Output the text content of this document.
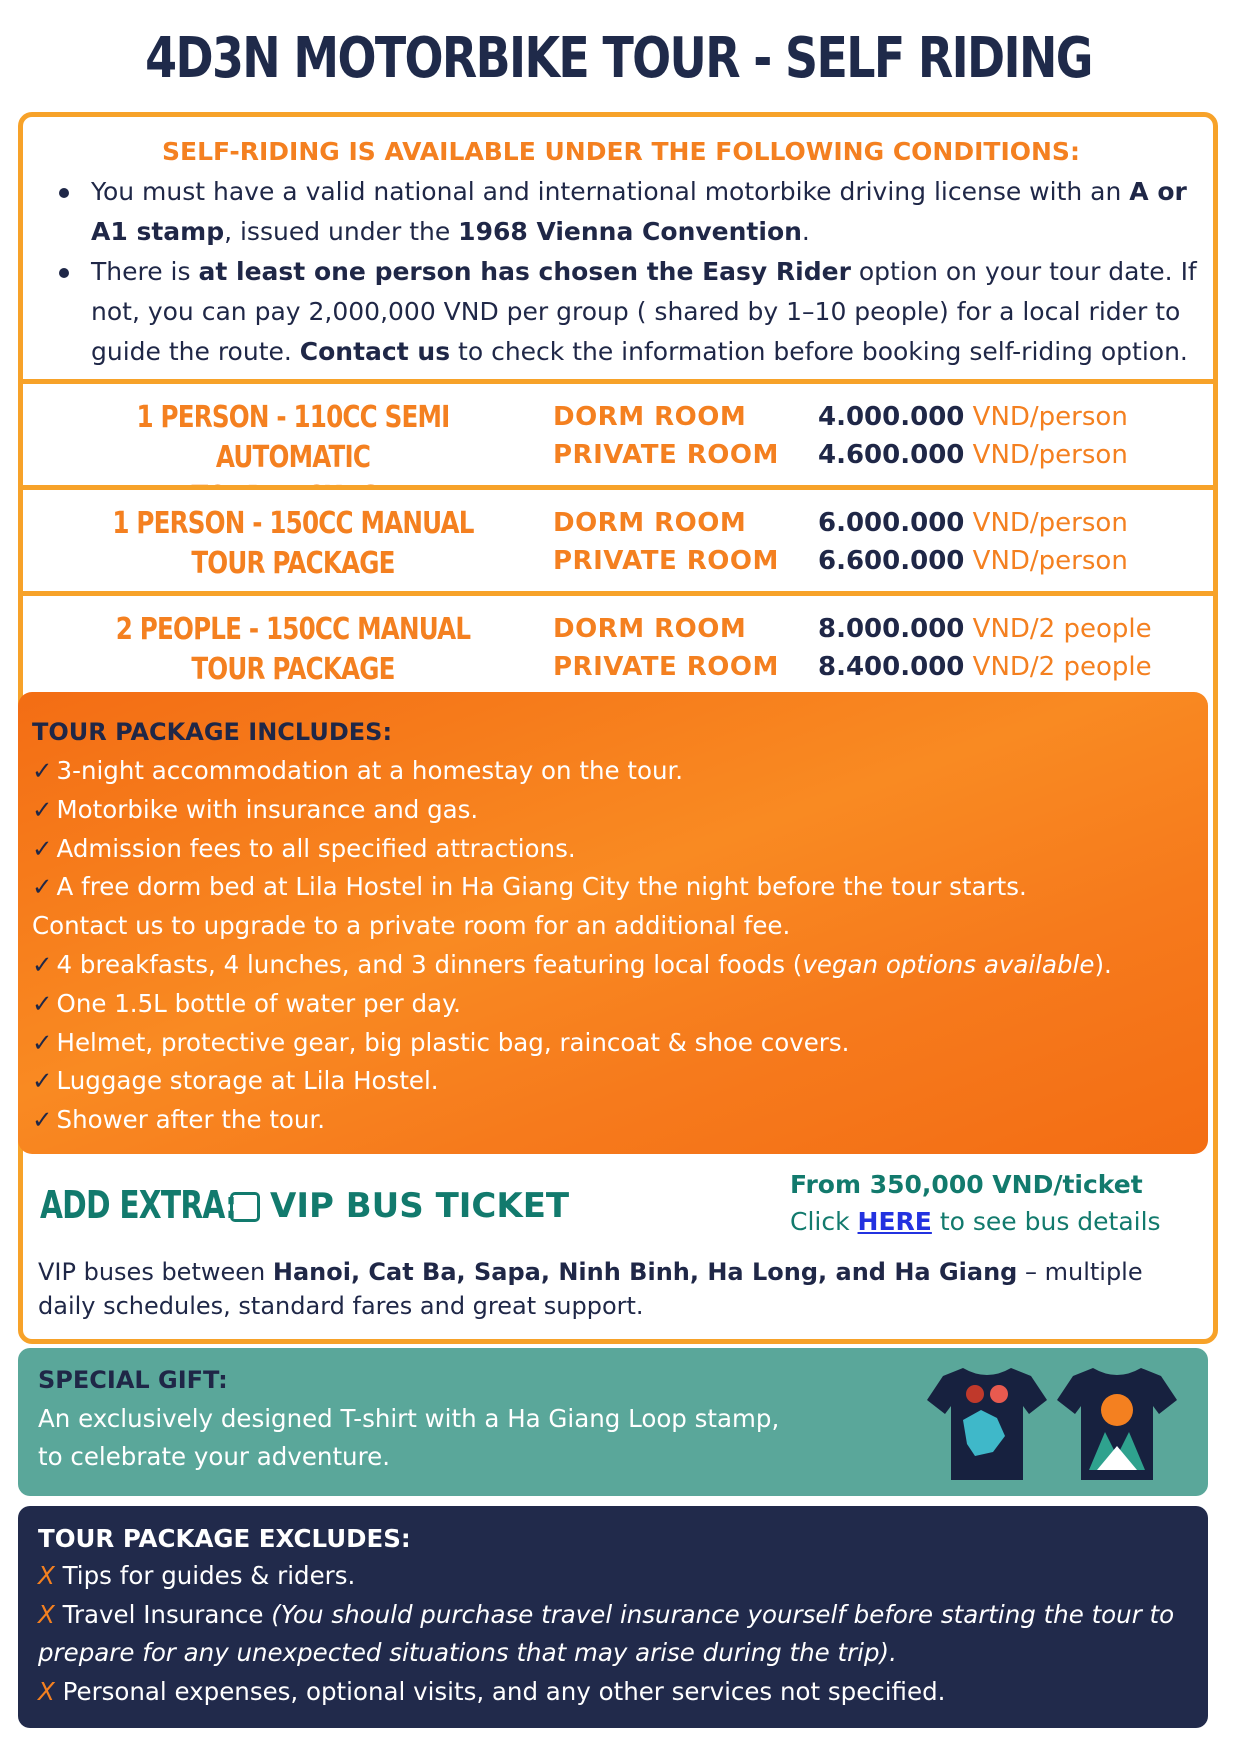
4D3N MOTORBIKE TOUR - SELF RIDING
SELF-RIDING IS AVAILABLE UNDER THE FOLLOWING CONDITIONS:
You must have a valid national and international motorbike driving license with an A or A1 stamp, issued under the 1968 Vienna Convention.
There is at least one person has chosen the Easy Rider option on your tour date. If not, you can pay 2,000,000 VND per group ( shared by 1–10 people) for a local rider to guide the route. Contact us to check the information before booking self-riding option.
1 PERSON - 110CC SEMI AUTOMATIC
DORM ROOM
PRIVATE ROOM
4.000.000 VND/person
4.600.000 VND/person
1 PERSON - 150CC MANUAL
TOUR PACKAGE
DORM ROOM
PRIVATE ROOM
6.000.000 VND/person
6.600.000 VND/person
2 PEOPLE - 150CC MANUAL
TOUR PACKAGE
DORM ROOM
PRIVATE ROOM
8.000.000 VND/2 people
8.400.000 VND/2 people
TOUR PACKAGE INCLUDES:
✓ 3-night accommodation at a homestay on the tour.
✓ Motorbike with insurance and gas.
✓ Admission fees to all specified attractions.
✓ A free dorm bed at Lila Hostel in Ha Giang City the night before the tour starts.
Contact us to upgrade to a private room for an additional fee.
✓ 4 breakfasts, 4 lunches, and 3 dinners featuring local foods (vegan options available).
✓ One 1.5L bottle of water per day.
✓ Helmet, protective gear, big plastic bag, raincoat & shoe covers.
✓ Luggage storage at Lila Hostel.
✓ Shower after the tour.
ADD EXTRA: VIP BUS TICKET
From 350,000 VND/ticket
Click HERE to see bus details
VIP buses between Hanoi, Cat Ba, Sapa, Ninh Binh, Ha Long, and Ha Giang – multiple daily schedules, standard fares and great support.
SPECIAL GIFT:
An exclusively designed T-shirt with a Ha Giang Loop stamp, to celebrate your adventure.
TOUR PACKAGE EXCLUDES:
X Tips for guides & riders.
X Travel Insurance (You should purchase travel insurance yourself before starting the tour to prepare for any unexpected situations that may arise during the trip).
X Personal expenses, optional visits, and any other services not specified.
